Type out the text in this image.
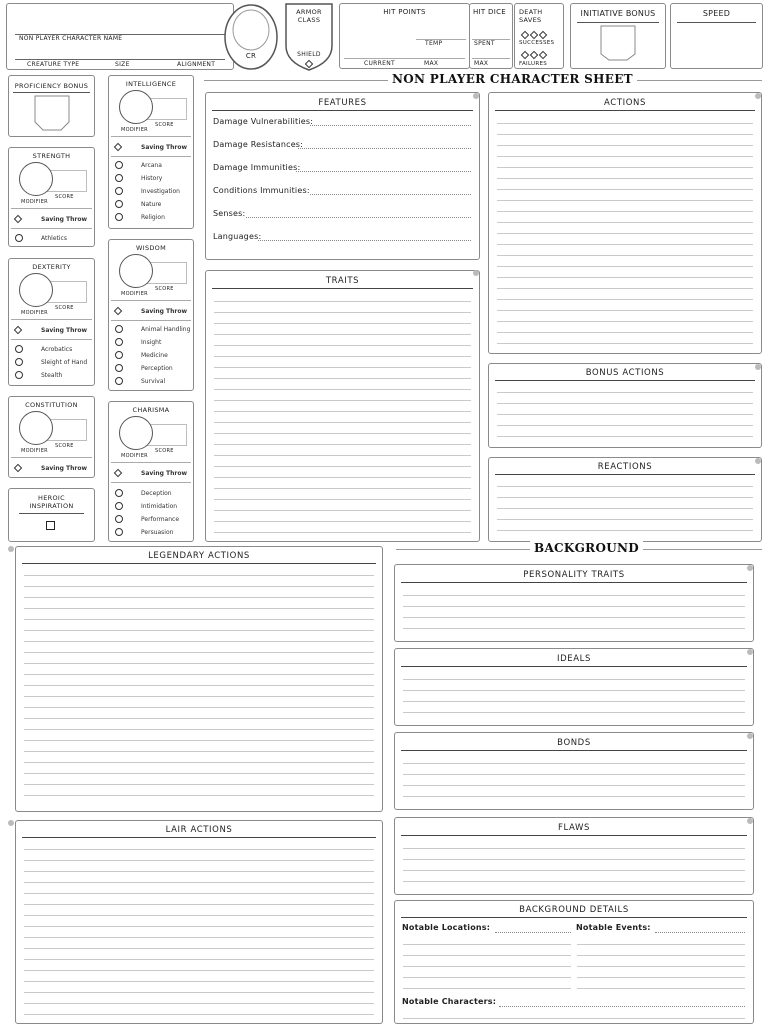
NON PLAYER CHARACTER NAME
CREATURE TYPE	SIZE	ALIGNMENT
CR
ARMOR CLASS
SHIELD
HIT POINTS
TEMP
CURRENT	MAX
HIT DICE
SPENT
MAX
DEATH SAVES
SUCCESSES
FAILURES
INITIATIVE BONUS	SPEED
NON PLAYER CHARACTER SHEET
PROFICIENCY BONUS
STRENGTH
SCORE
MODIFIER
Saving Throw
Athletics
DEXTERITY
SCORE
MODIFIER
Saving Throw
Acrobatics
Sleight of Hand
Stealth
CONSTITUTION
SCORE
MODIFIER
Saving Throw
HEROIC INSPIRATION
INTELLIGENCE
SCORE
MODIFIER
Saving Throw
Arcana
History
Investigation
Nature
Religion
WISDOM
SCORE
MODIFIER
Saving Throw
Animal Handling
Insight
Medicine
Perception
Survival
CHARISMA
SCORE
MODIFIER
Saving Throw
Deception
Intimidation
Performance
Persuasion
FEATURES
Damage Vulnerabilities:
Damage Resistances:
Damage Immunities:
Conditions Immunities:
Senses:
Languages:
TRAITS
ACTIONS
BONUS ACTIONS
REACTIONS
LEGENDARY ACTIONS
LAIR ACTIONS
BACKGROUND
PERSONALITY TRAITS
IDEALS
BONDS
FLAWS
BACKGROUND DETAILS
Notable Locations:	Notable Events:
Notable Characters:
